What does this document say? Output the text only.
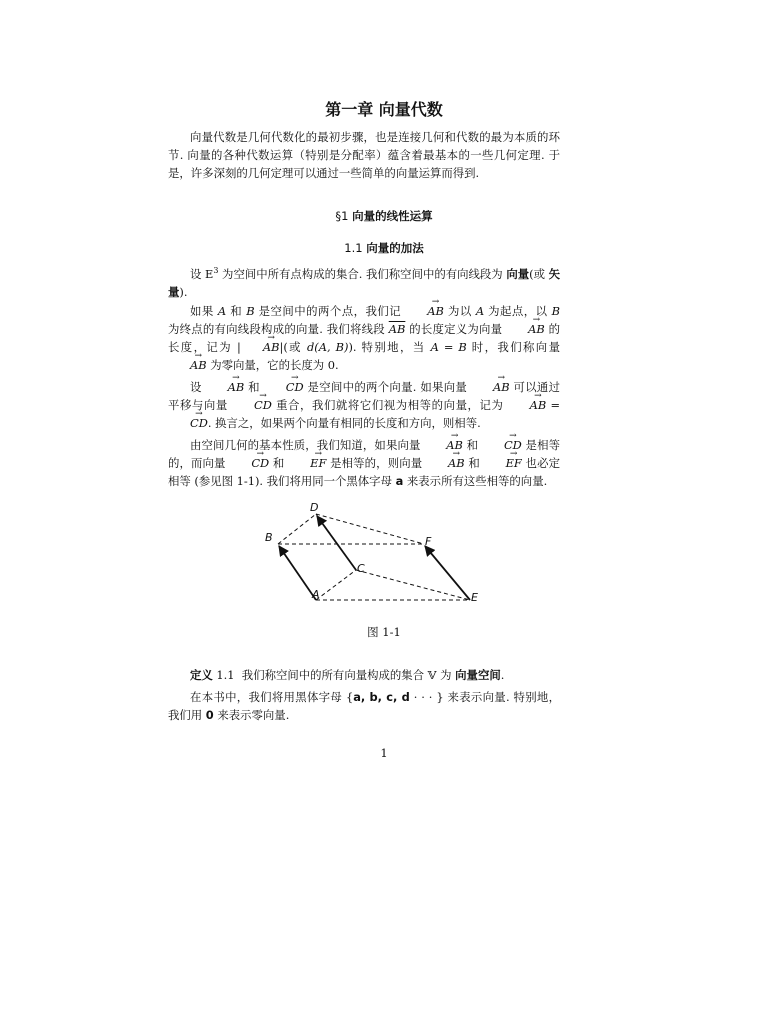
第一章 向量代数

向量代数是几何代数化的最初步骤，也是连接几何和代数的最为本质的环节. 向量的各种代数运算（特别是分配率）蕴含着最基本的一些几何定理. 于是，许多深刻的几何定理可以通过一些简单的向量运算而得到.

§1 向量的线性运算
1.1 向量的加法

设 $E^3$ 为空间中所有点构成的集合. 我们称空间中的有向线段为 向量(或 矢量).

如果 A 和 B 是空间中的两个点，我们记 → AB 为以 A 为起点，以 B 为终点的有向线段构成的向量. 我们将线段 $\overline{AB}$ 的长度定义为向量 → AB 的长度，记为 | → AB|(或 d(A, B)). 特别地，当 A = B 时，我们称向量 → AB 为零向量，它的长度为 0.

设 → AB 和 → CD 是空间中的两个向量. 如果向量 → AB 可以通过平移与向量 → CD 重合，我们就将它们视为相等的向量，记为 → AB = → CD. 换言之，如果两个向量有相同的长度和方向，则相等.

由空间几何的基本性质，我们知道，如果向量 → AB 和 → CD 是相等的，而向量 → CD 和 → EF 是相等的，则向量 → AB 和 → EF 也必定相等 (参见图 1-1). 我们将用同一个黑体字母 a 来表示所有这些相等的向量.

D
B	F
C
A	E
图 1-1

定义 1.1 我们称空间中的所有向量构成的集合 𝕍 为 向量空间.

在本书中，我们将用黑体字母 {a, b, c, d · · · } 来表示向量. 特别地，我们用 0 来表示零向量.

1
